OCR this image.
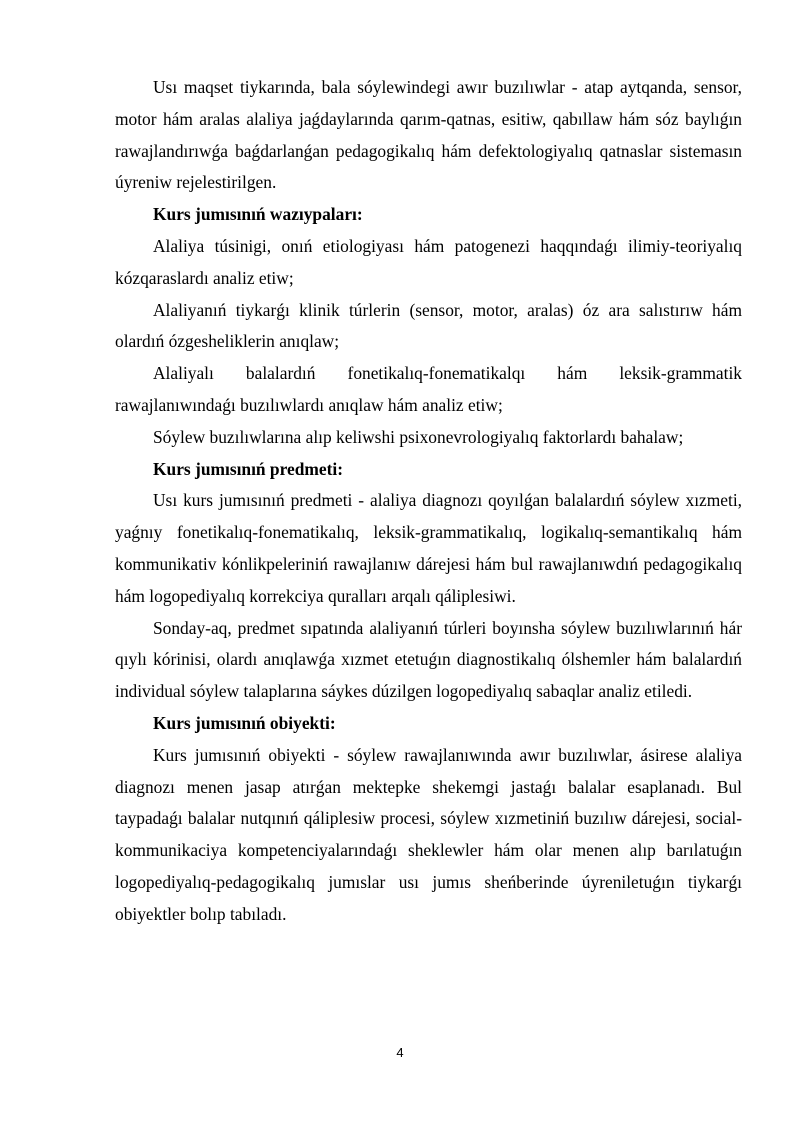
Usı maqset tiykarında, bala sóylewindegi awır buzılıwlar - atap aytqanda, sensor, motor hám aralas alaliya jaǵdaylarında qarım-qatnas, esitiw, qabıllaw hám sóz baylıǵın rawajlandırıwǵa baǵdarlanǵan pedagogikalıq hám defektologiyalıq qatnaslar sistemasın úyreniw rejelestirilgen.

Kurs jumısınıń wazıypaları:

Alaliya túsinigi, onıń etiologiyası hám patogenezi haqqındaǵı ilimiy-teoriyalıq kózqaraslardı analiz etiw;

Alaliyanıń tiykarǵı klinik túrlerin (sensor, motor, aralas) óz ara salıstırıw hám olardıń ózgesheliklerin anıqlaw;

Alaliyalı balalardıń fonetikalıq-fonematikalqı hám leksik-grammatik rawajlanıwındaǵı buzılıwlardı anıqlaw hám analiz etiw;

Sóylew buzılıwlarına alıp keliwshi psixonevrologiyalıq faktorlardı bahalaw;

Kurs jumısınıń predmeti:

Usı kurs jumısınıń predmeti - alaliya diagnozı qoyılǵan balalardıń sóylew xızmeti, yaǵnıy fonetikalıq-fonematikalıq, leksik-grammatikalıq, logikalıq-semantikalıq hám kommunikativ kónlikpeleriniń rawajlanıw dárejesi hám bul rawajlanıwdıń pedagogikalıq hám logopediyalıq korrekciya quralları arqalı qáliplesiwi.

Sonday-aq, predmet sıpatında alaliyanıń túrleri boyınsha sóylew buzılıwlarınıń hár qıylı kórinisi, olardı anıqlawǵa xızmet etetuǵın diagnostikalıq ólshemler hám balalardıń individual sóylew talaplarına sáykes dúzilgen logopediyalıq sabaqlar analiz etiledi.

Kurs jumısınıń obiyekti:

Kurs jumısınıń obiyekti - sóylew rawajlanıwında awır buzılıwlar, ásirese alaliya diagnozı menen jasap atırǵan mektepke shekemgi jastaǵı balalar esaplanadı. Bul taypadaǵı balalar nutqınıń qáliplesiw procesi, sóylew xızmetiniń buzılıw dárejesi, social-kommunikaciya kompetenciyalarındaǵı sheklewler hám olar menen alıp barılatuǵın logopediyalıq-pedagogikalıq jumıslar usı jumıs sheńberinde úyreniletuǵın tiykarǵı obiyektler bolıp tabıladı.

4
